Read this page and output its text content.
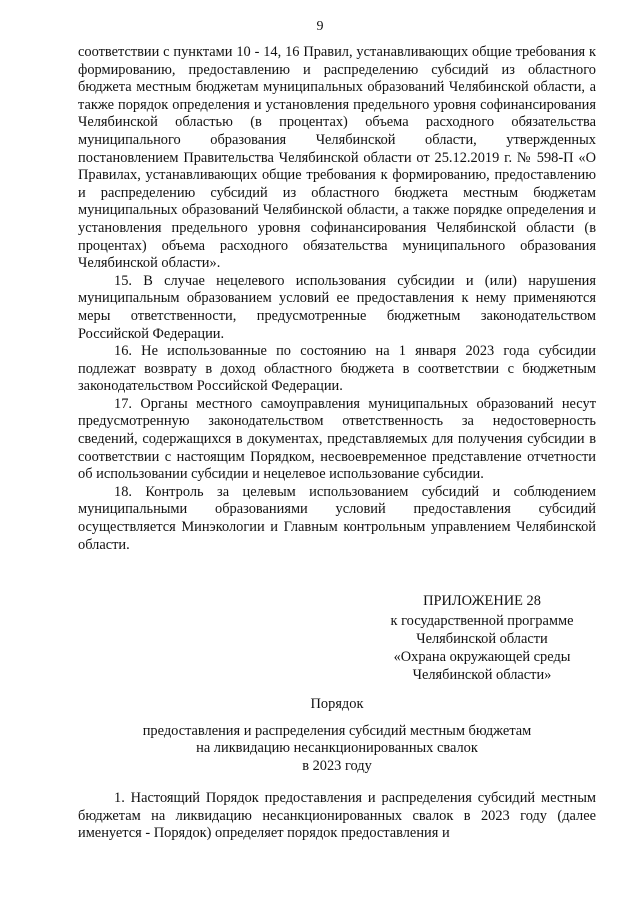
9

соответствии с пунктами 10 - 14, 16 Правил, устанавливающих общие требования к формированию, предоставлению и распределению субсидий из областного бюджета местным бюджетам муниципальных образований Челябинской области, а также порядок определения и установления предельного уровня софинансирования Челябинской областью (в процентах) объема расходного обязательства муниципального образования Челябинской области, утвержденных постановлением Правительства Челябинской области от 25.12.2019 г. № 598-П «О Правилах, устанавливающих общие требования к формированию, предоставлению и распределению субсидий из областного бюджета местным бюджетам муниципальных образований Челябинской области, а также порядке определения и установления предельного уровня софинансирования Челябинской области (в процентах) объема расходного обязательства муниципального образования Челябинской области».

15. В случае нецелевого использования субсидии и (или) нарушения муниципальным образованием условий ее предоставления к нему применяются меры ответственности, предусмотренные бюджетным законодательством Российской Федерации.

16. Не использованные по состоянию на 1 января 2023 года субсидии подлежат возврату в доход областного бюджета в соответствии с бюджетным законодательством Российской Федерации.

17. Органы местного самоуправления муниципальных образований несут предусмотренную законодательством ответственность за недостоверность сведений, содержащихся в документах, представляемых для получения субсидии в соответствии с настоящим Порядком, несвоевременное представление отчетности об использовании субсидии и нецелевое использование субсидии.

18. Контроль за целевым использованием субсидий и соблюдением муниципальными образованиями условий предоставления субсидий осуществляется Минэкологии и Главным контрольным управлением Челябинской области.

ПРИЛОЖЕНИЕ 28
к государственной программе
Челябинской области
«Охрана окружающей среды
Челябинской области»
Порядок
предоставления и распределения субсидий местным бюджетам
на ликвидацию несанкционированных свалок
в 2023 году

1. Настоящий Порядок предоставления и распределения субсидий местным бюджетам на ликвидацию несанкционированных свалок в 2023 году (далее именуется - Порядок) определяет порядок предоставления и
